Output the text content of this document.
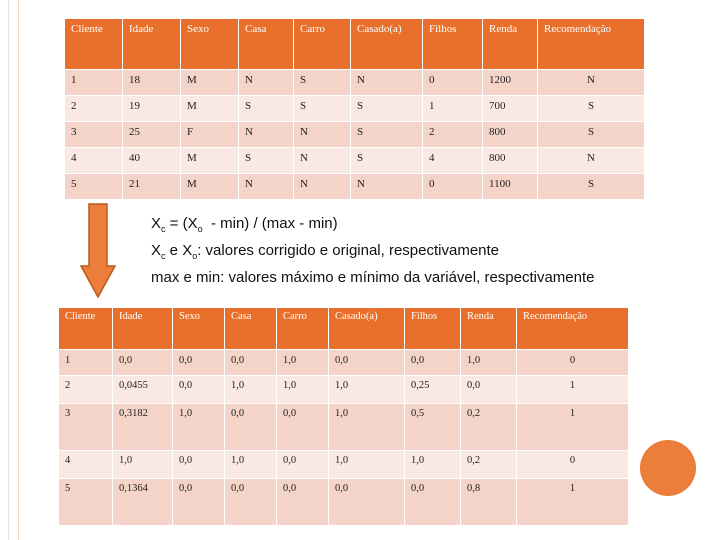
Cliente	Idade	Sexo	Casa	Carro	Casado(a)	Filhos	Renda	Recomendação
1	18	M	N	S	N	0	1200	N
2	19	M	S	S	S	1	700	S
3	25	F	N	N	S	2	800	S
4	40	M	S	N	S	4	800	N
5	21	M	N	N	N	0	1100	S
$X_c = (X_o - \min) / (\max - \min)$
$X_c$ e $X_o$: valores corrigido e original, respectivamente
max e min: valores máximo e mínimo da variável, respectivamente
Cliente	Idade	Sexo	Casa	Carro	Casado(a)	Filhos	Renda	Recomendação
1	0,0	0,0	0,0	1,0	0,0	0,0	1,0	0
2	0,0455	0,0	1,0	1,0	1,0	0,25	0,0	1
3	0,3182	1,0	0,0	0,0	1,0	0,5	0,2	1
4	1,0	0,0	1,0	0,0	1,0	1,0	0,2	0
5	0,1364	0,0	0,0	0,0	0,0	0,0	0,8	1
